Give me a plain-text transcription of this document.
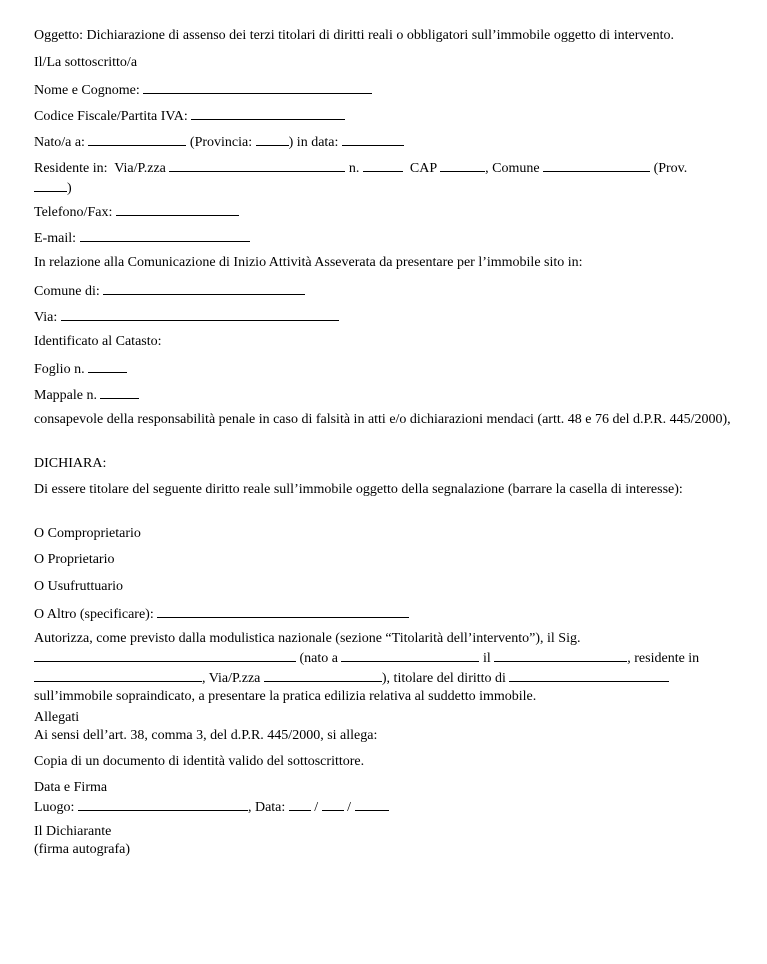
Oggetto: Dichiarazione di assenso dei terzi titolari di diritti reali o obbligatori sull’immobile oggetto di intervento.
Il/La sottoscritto/a
Nome e Cognome:
Codice Fiscale/Partita IVA:
Nato/a a:	(Provincia:	) in data:
Residente in: Via/P.zza	n.	CAP	, Comune	(Prov.
)
Telefono/Fax:
E-mail:
In relazione alla Comunicazione di Inizio Attività Asseverata da presentare per l’immobile sito in:
Comune di:
Via:
Identificato al Catasto:
Foglio n.
Mappale n.
consapevole della responsabilità penale in caso di falsità in atti e/o dichiarazioni mendaci (artt. 48 e 76 del d.P.R. 445/2000),
DICHIARA:
Di essere titolare del seguente diritto reale sull’immobile oggetto della segnalazione (barrare la casella di interesse):
O Comproprietario
O Proprietario
O Usufruttuario
O Altro (specificare):
Autorizza, come previsto dalla modulistica nazionale (sezione “Titolarità dell’intervento”), il Sig.
(nato a	il	, residente in
, Via/P.zza	), titolare del diritto di
sull’immobile sopraindicato, a presentare la pratica edilizia relativa al suddetto immobile.
Allegati
Ai sensi dell’art. 38, comma 3, del d.P.R. 445/2000, si allega:
Copia di un documento di identità valido del sottoscrittore.
Data e Firma
Luogo:	, Data: / /
Il Dichiarante
(firma autografa)
